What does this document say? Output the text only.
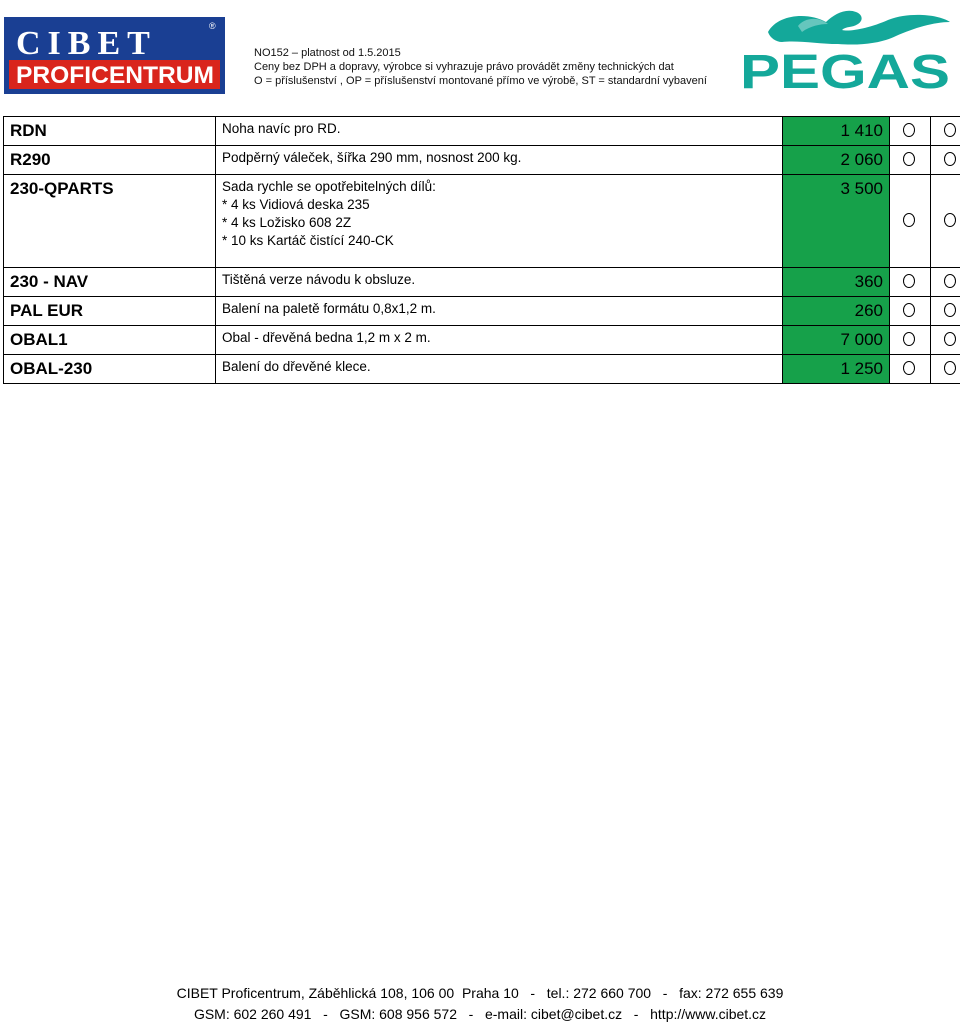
CIBET	®
PROFICENTRUM
NO152 – platnost od 1.5.2015
Ceny bez DPH a dopravy, výrobce si vyhrazuje právo provádět změny technických dat
O = příslušenství , OP = příslušenství montované přímo ve výrobě, ST = standardní vybavení PEGAS
RDN	Noha navíc pro RD.	1 410	

R290	Podpěrný váleček, šířka 290 mm, nosnost 200 kg.	2 060	

230-QPARTS	Sada rychle se opotřebitelných dílů:
* 4 ks Vidiová deska 235
* 4 ks Ložisko 608 2Z
* 10 ks Kartáč čistící 240-CK	3 500	

230 - NAV	Tištěná verze návodu k obsluze.	360	

PAL EUR	Balení na paletě formátu 0,8x1,2 m.	260	

OBAL1	Obal - dřevěná bedna 1,2 m x 2 m.	7 000	

OBAL-230	Balení do dřevěné klece.	1 250	

CIBET Proficentrum, Záběhlická 108, 106 00  Praha 10   -   tel.: 272 660 700   -   fax: 272 655 639
GSM: 602 260 491   -   GSM: 608 956 572   -   e-mail: cibet@cibet.cz   -   http://www.cibet.cz
